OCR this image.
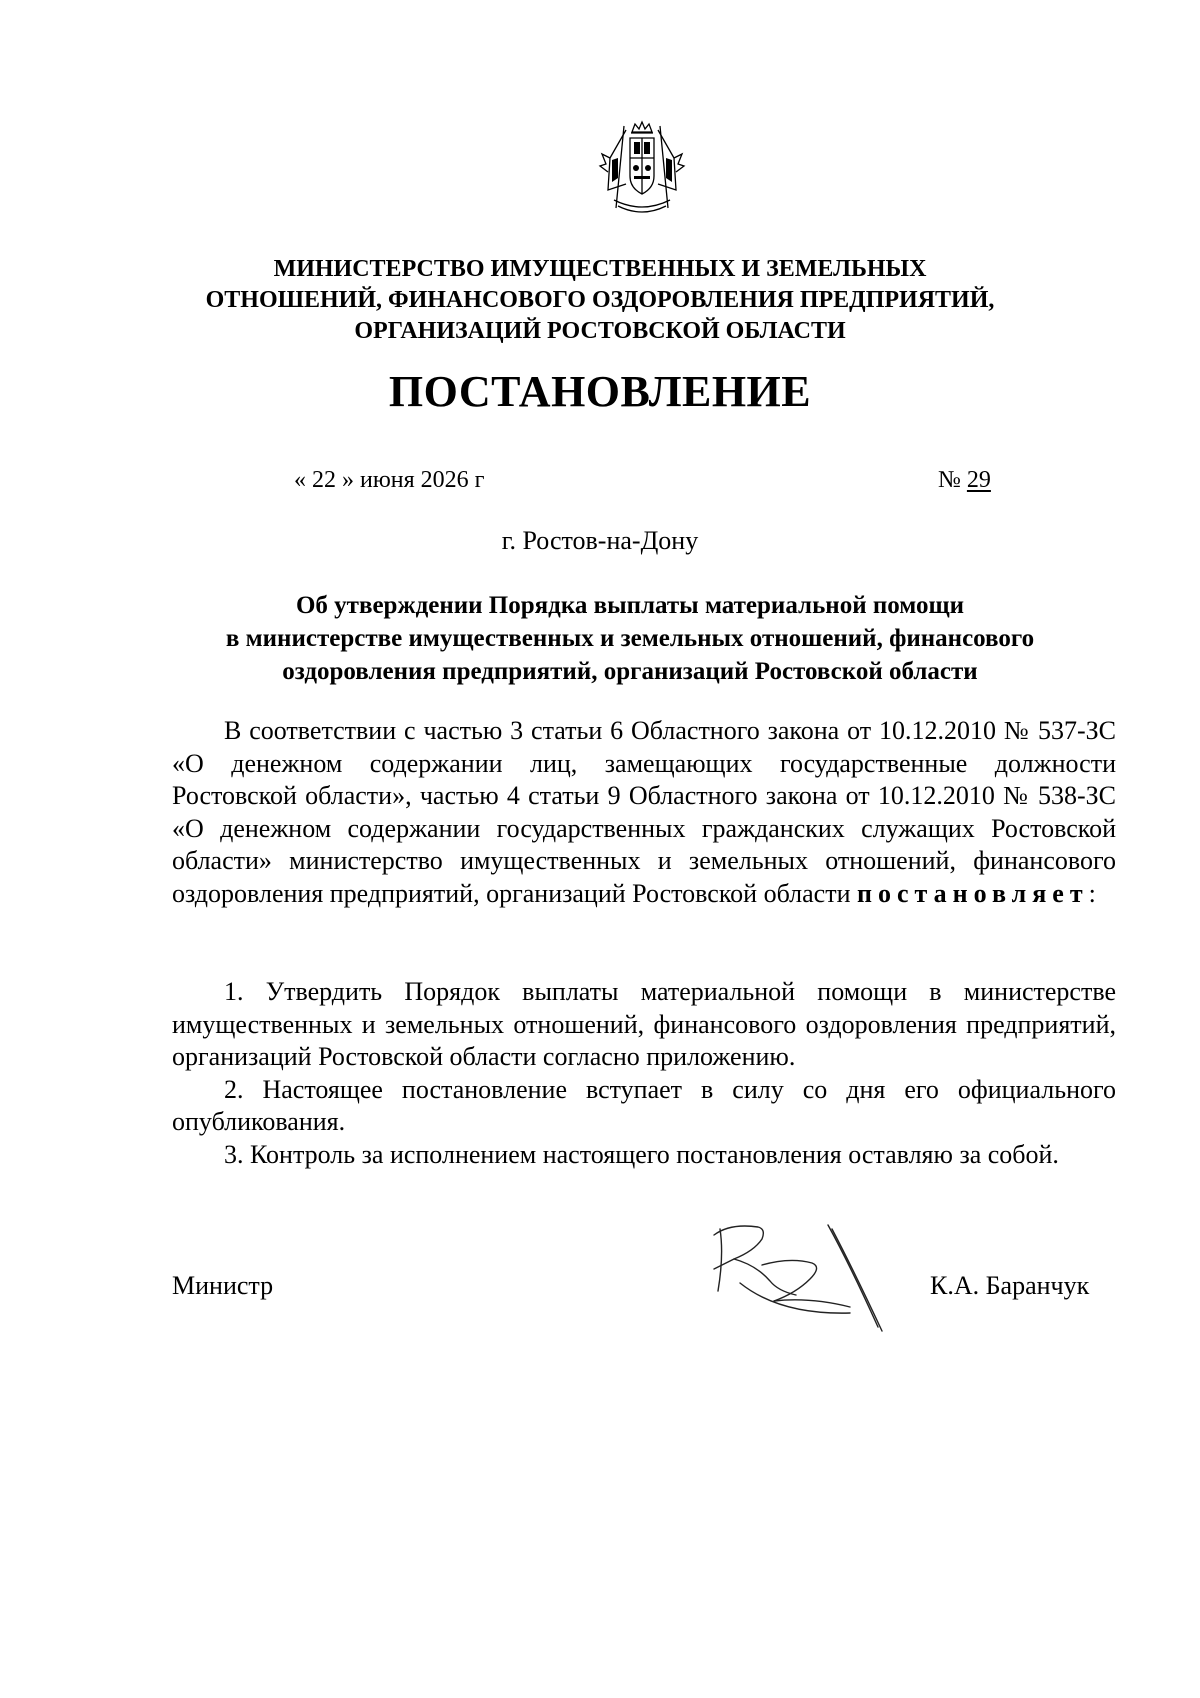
МИНИСТЕРСТВО ИМУЩЕСТВЕННЫХ И ЗЕМЕЛЬНЫХ
ОТНОШЕНИЙ, ФИНАНСОВОГО ОЗДОРОВЛЕНИЯ ПРЕДПРИЯТИЙ,
ОРГАНИЗАЦИЙ РОСТОВСКОЙ ОБЛАСТИ
ПОСТАНОВЛЕНИЕ
« 22 » июня 2026 г	№ 29
г. Ростов-на-Дону
Об утверждении Порядка выплаты материальной помощи
в министерстве имущественных и земельных отношений, финансового
оздоровления предприятий, организаций Ростовской области

В соответствии с частью 3 статьи 6 Областного закона от 10.12.2010 № 537-ЗС «О денежном содержании лиц, замещающих государственные должности Ростовской области», частью 4 статьи 9 Областного закона от 10.12.2010 № 538-ЗС «О денежном содержании государственных гражданских служащих Ростовской области» министерство имущественных и земельных отношений, финансового оздоровления предприятий, организаций Ростовской области постановляет:

1. Утвердить Порядок выплаты материальной помощи в министерстве имущественных и земельных отношений, финансового оздоровления предприятий, организаций Ростовской области согласно приложению.

2. Настоящее постановление вступает в силу со дня его официального опубликования.

3. Контроль за исполнением настоящего постановления оставляю за собой.

Министр	К.А. Баранчук
